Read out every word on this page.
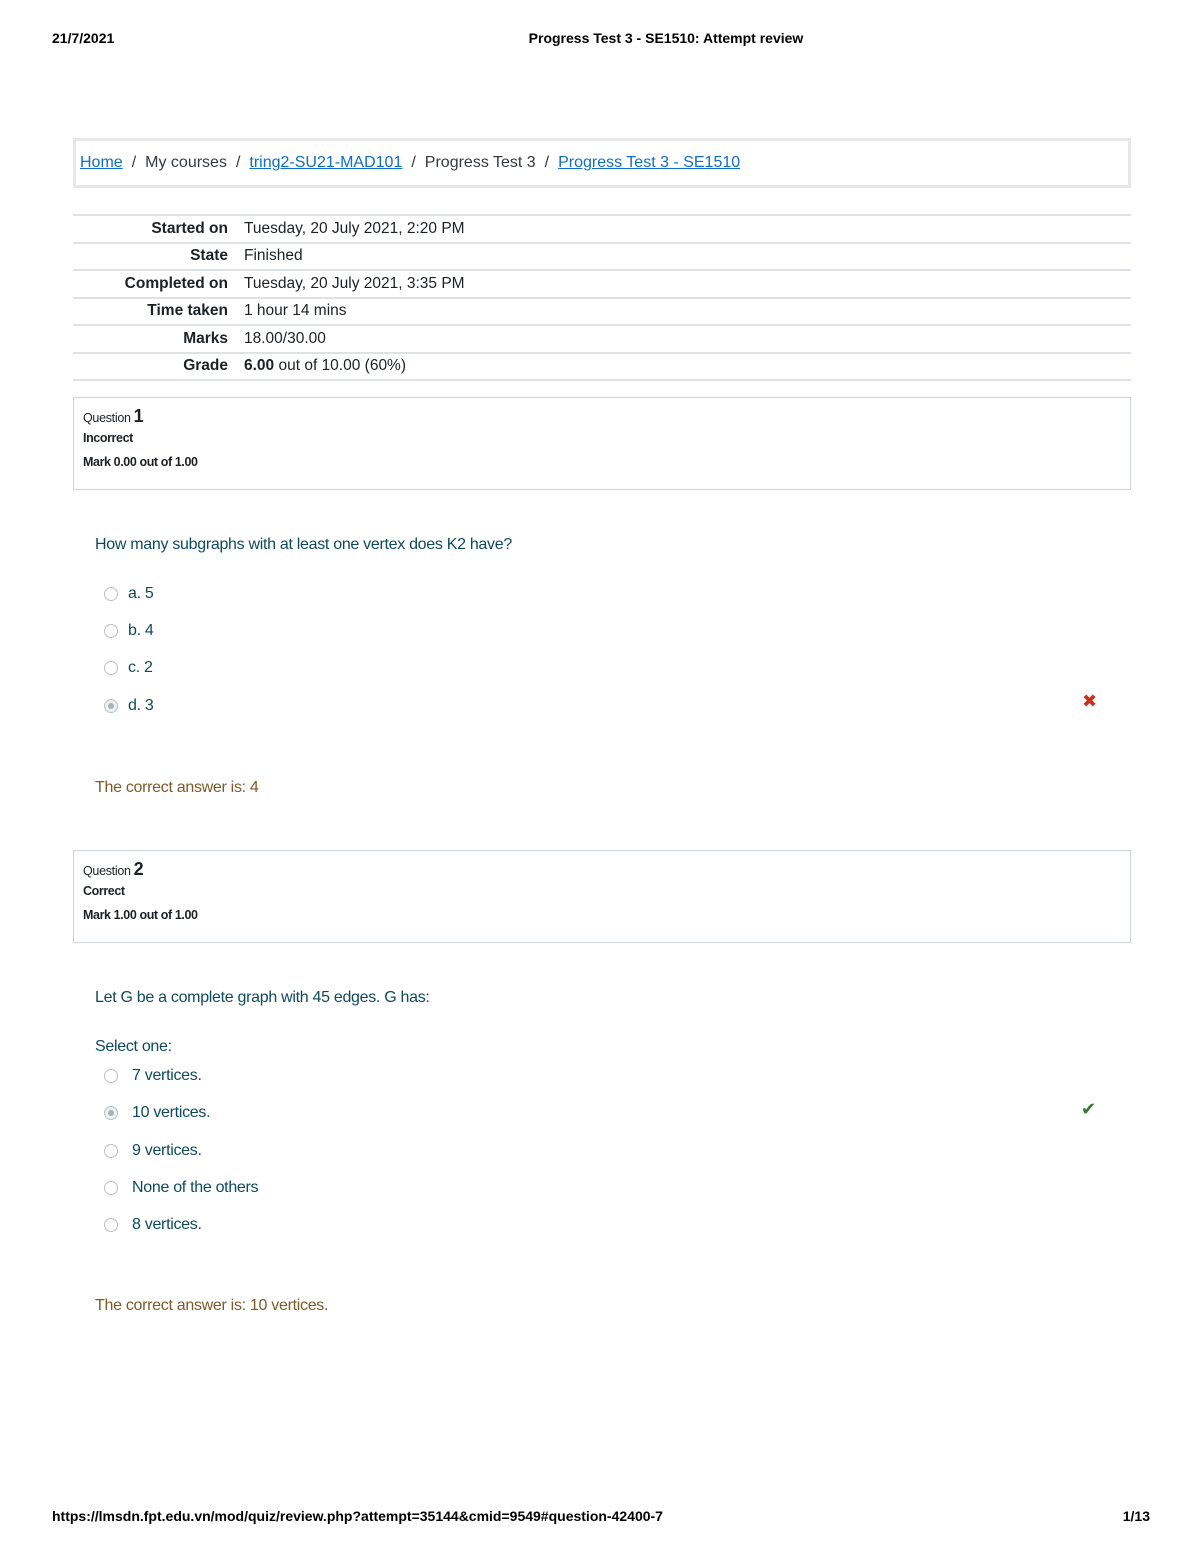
21/7/2021	Progress Test 3 - SE1510: Attempt review
Home / My courses / tring2-SU21-MAD101 / Progress Test 3 / Progress Test 3 - SE1510
Started on	Tuesday, 20 July 2021, 2:20 PM
State	Finished
Completed on	Tuesday, 20 July 2021, 3:35 PM
Time taken	1 hour 14 mins
Marks	18.00/30.00
Grade	6.00 out of 10.00 (60%)
Question 1
Incorrect
Mark 0.00 out of 1.00
How many subgraphs with at least one vertex does K2 have?
a. 5
b. 4
c. 2
d. 3	✖
The correct answer is: 4
Question 2
Correct
Mark 1.00 out of 1.00
Let G be a complete graph with 45 edges. G has:
Select one:
7 vertices.
10 vertices.
9 vertices.
None of the others
8 vertices.
✔
The correct answer is: 10 vertices.
https://lmsdn.fpt.edu.vn/mod/quiz/review.php?attempt=35144&cmid=9549#question-42400-7	1/13
